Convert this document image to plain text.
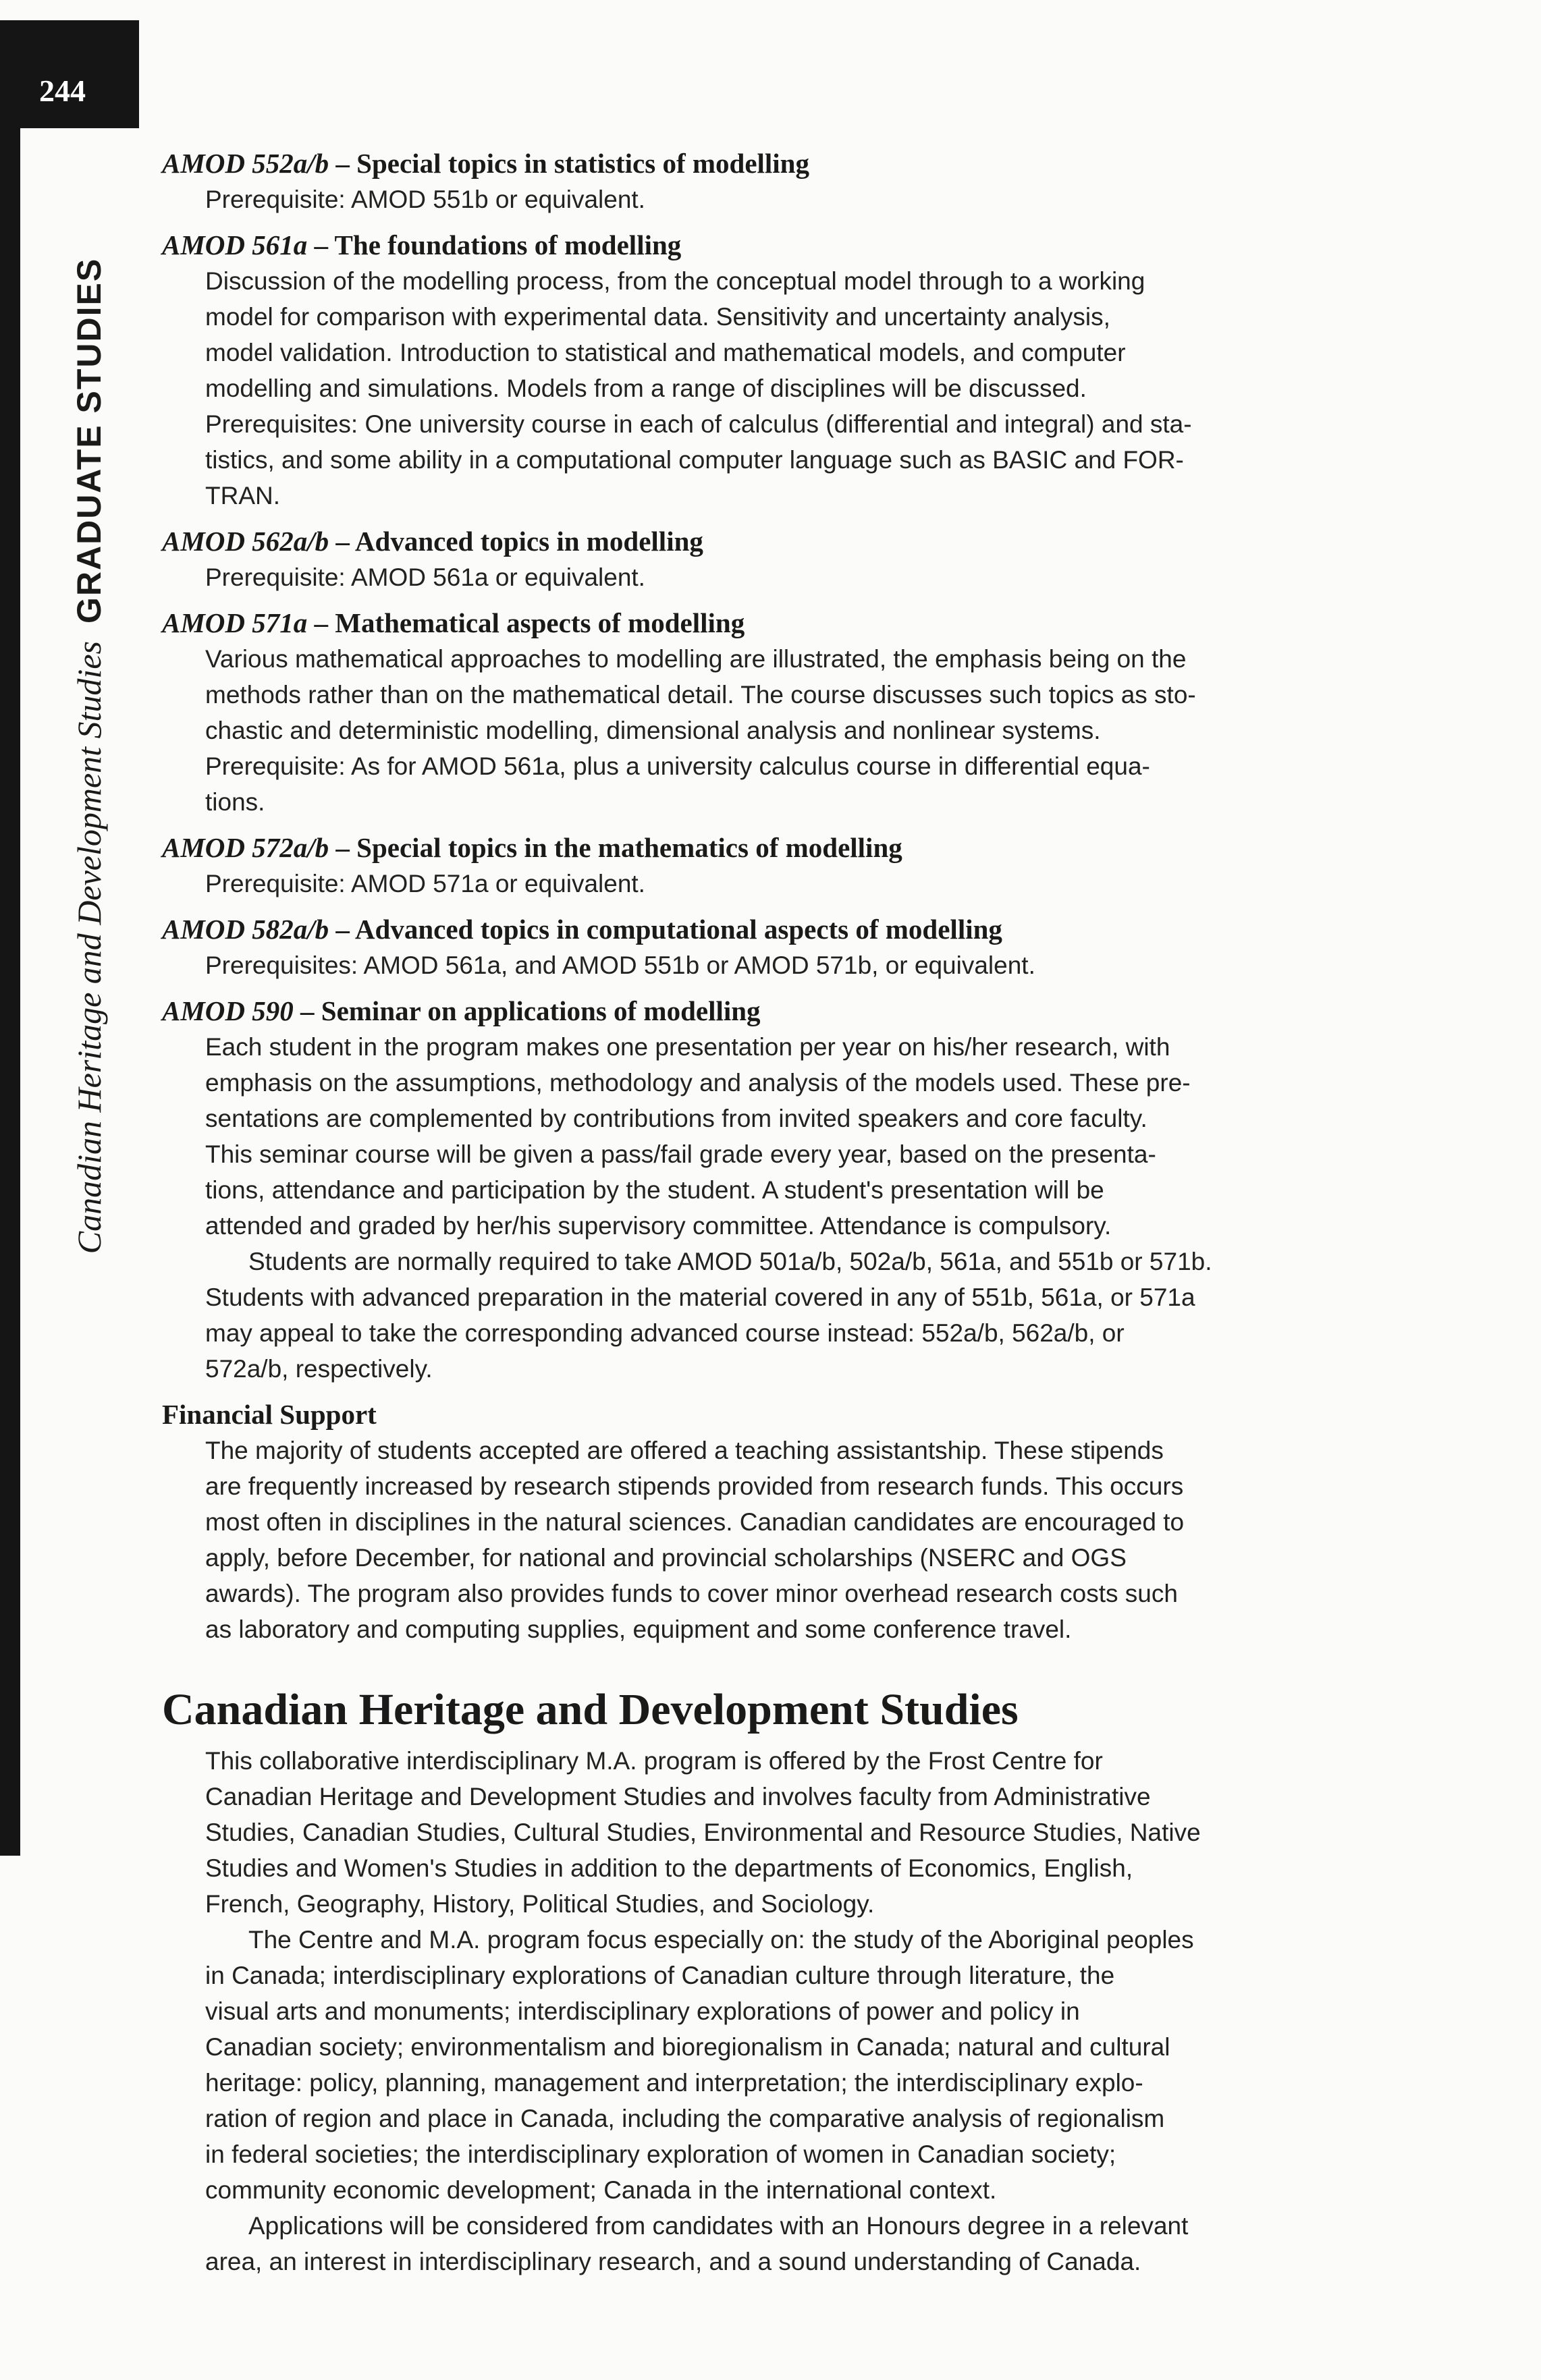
244
Canadian Heritage and Development Studies
GRADUATE STUDIES
AMOD 552a/b – Special topics in statistics of modelling
Prerequisite: AMOD 551b or equivalent.
AMOD 561a – The foundations of modelling
Discussion of the modelling process, from the conceptual model through to a working
model for comparison with experimental data. Sensitivity and uncertainty analysis,
model validation. Introduction to statistical and mathematical models, and computer
modelling and simulations. Models from a range of disciplines will be discussed.
Prerequisites: One university course in each of calculus (differential and integral) and sta-
tistics, and some ability in a computational computer language such as BASIC and FOR-
TRAN.
AMOD 562a/b – Advanced topics in modelling
Prerequisite: AMOD 561a or equivalent.
AMOD 571a – Mathematical aspects of modelling
Various mathematical approaches to modelling are illustrated, the emphasis being on the
methods rather than on the mathematical detail. The course discusses such topics as sto-
chastic and deterministic modelling, dimensional analysis and nonlinear systems.
Prerequisite: As for AMOD 561a, plus a university calculus course in differential equa-
tions.
AMOD 572a/b – Special topics in the mathematics of modelling
Prerequisite: AMOD 571a or equivalent.
AMOD 582a/b – Advanced topics in computational aspects of modelling
Prerequisites: AMOD 561a, and AMOD 551b or AMOD 571b, or equivalent.
AMOD 590 – Seminar on applications of modelling
Each student in the program makes one presentation per year on his/her research, with
emphasis on the assumptions, methodology and analysis of the models used. These pre-
sentations are complemented by contributions from invited speakers and core faculty.
This seminar course will be given a pass/fail grade every year, based on the presenta-
tions, attendance and participation by the student. A student's presentation will be
attended and graded by her/his supervisory committee. Attendance is compulsory.
Students are normally required to take AMOD 501a/b, 502a/b, 561a, and 551b or 571b.
Students with advanced preparation in the material covered in any of 551b, 561a, or 571a
may appeal to take the corresponding advanced course instead: 552a/b, 562a/b, or
572a/b, respectively.
Financial Support
The majority of students accepted are offered a teaching assistantship. These stipends
are frequently increased by research stipends provided from research funds. This occurs
most often in disciplines in the natural sciences. Canadian candidates are encouraged to
apply, before December, for national and provincial scholarships (NSERC and OGS
awards). The program also provides funds to cover minor overhead research costs such
as laboratory and computing supplies, equipment and some conference travel.
Canadian Heritage and Development Studies
This collaborative interdisciplinary M.A. program is offered by the Frost Centre for
Canadian Heritage and Development Studies and involves faculty from Administrative
Studies, Canadian Studies, Cultural Studies, Environmental and Resource Studies, Native
Studies and Women's Studies in addition to the departments of Economics, English,
French, Geography, History, Political Studies, and Sociology.
The Centre and M.A. program focus especially on: the study of the Aboriginal peoples
in Canada; interdisciplinary explorations of Canadian culture through literature, the
visual arts and monuments; interdisciplinary explorations of power and policy in
Canadian society; environmentalism and bioregionalism in Canada; natural and cultural
heritage: policy, planning, management and interpretation; the interdisciplinary explo-
ration of region and place in Canada, including the comparative analysis of regionalism
in federal societies; the interdisciplinary exploration of women in Canadian society;
community economic development; Canada in the international context.
Applications will be considered from candidates with an Honours degree in a relevant
area, an interest in interdisciplinary research, and a sound understanding of Canada.
